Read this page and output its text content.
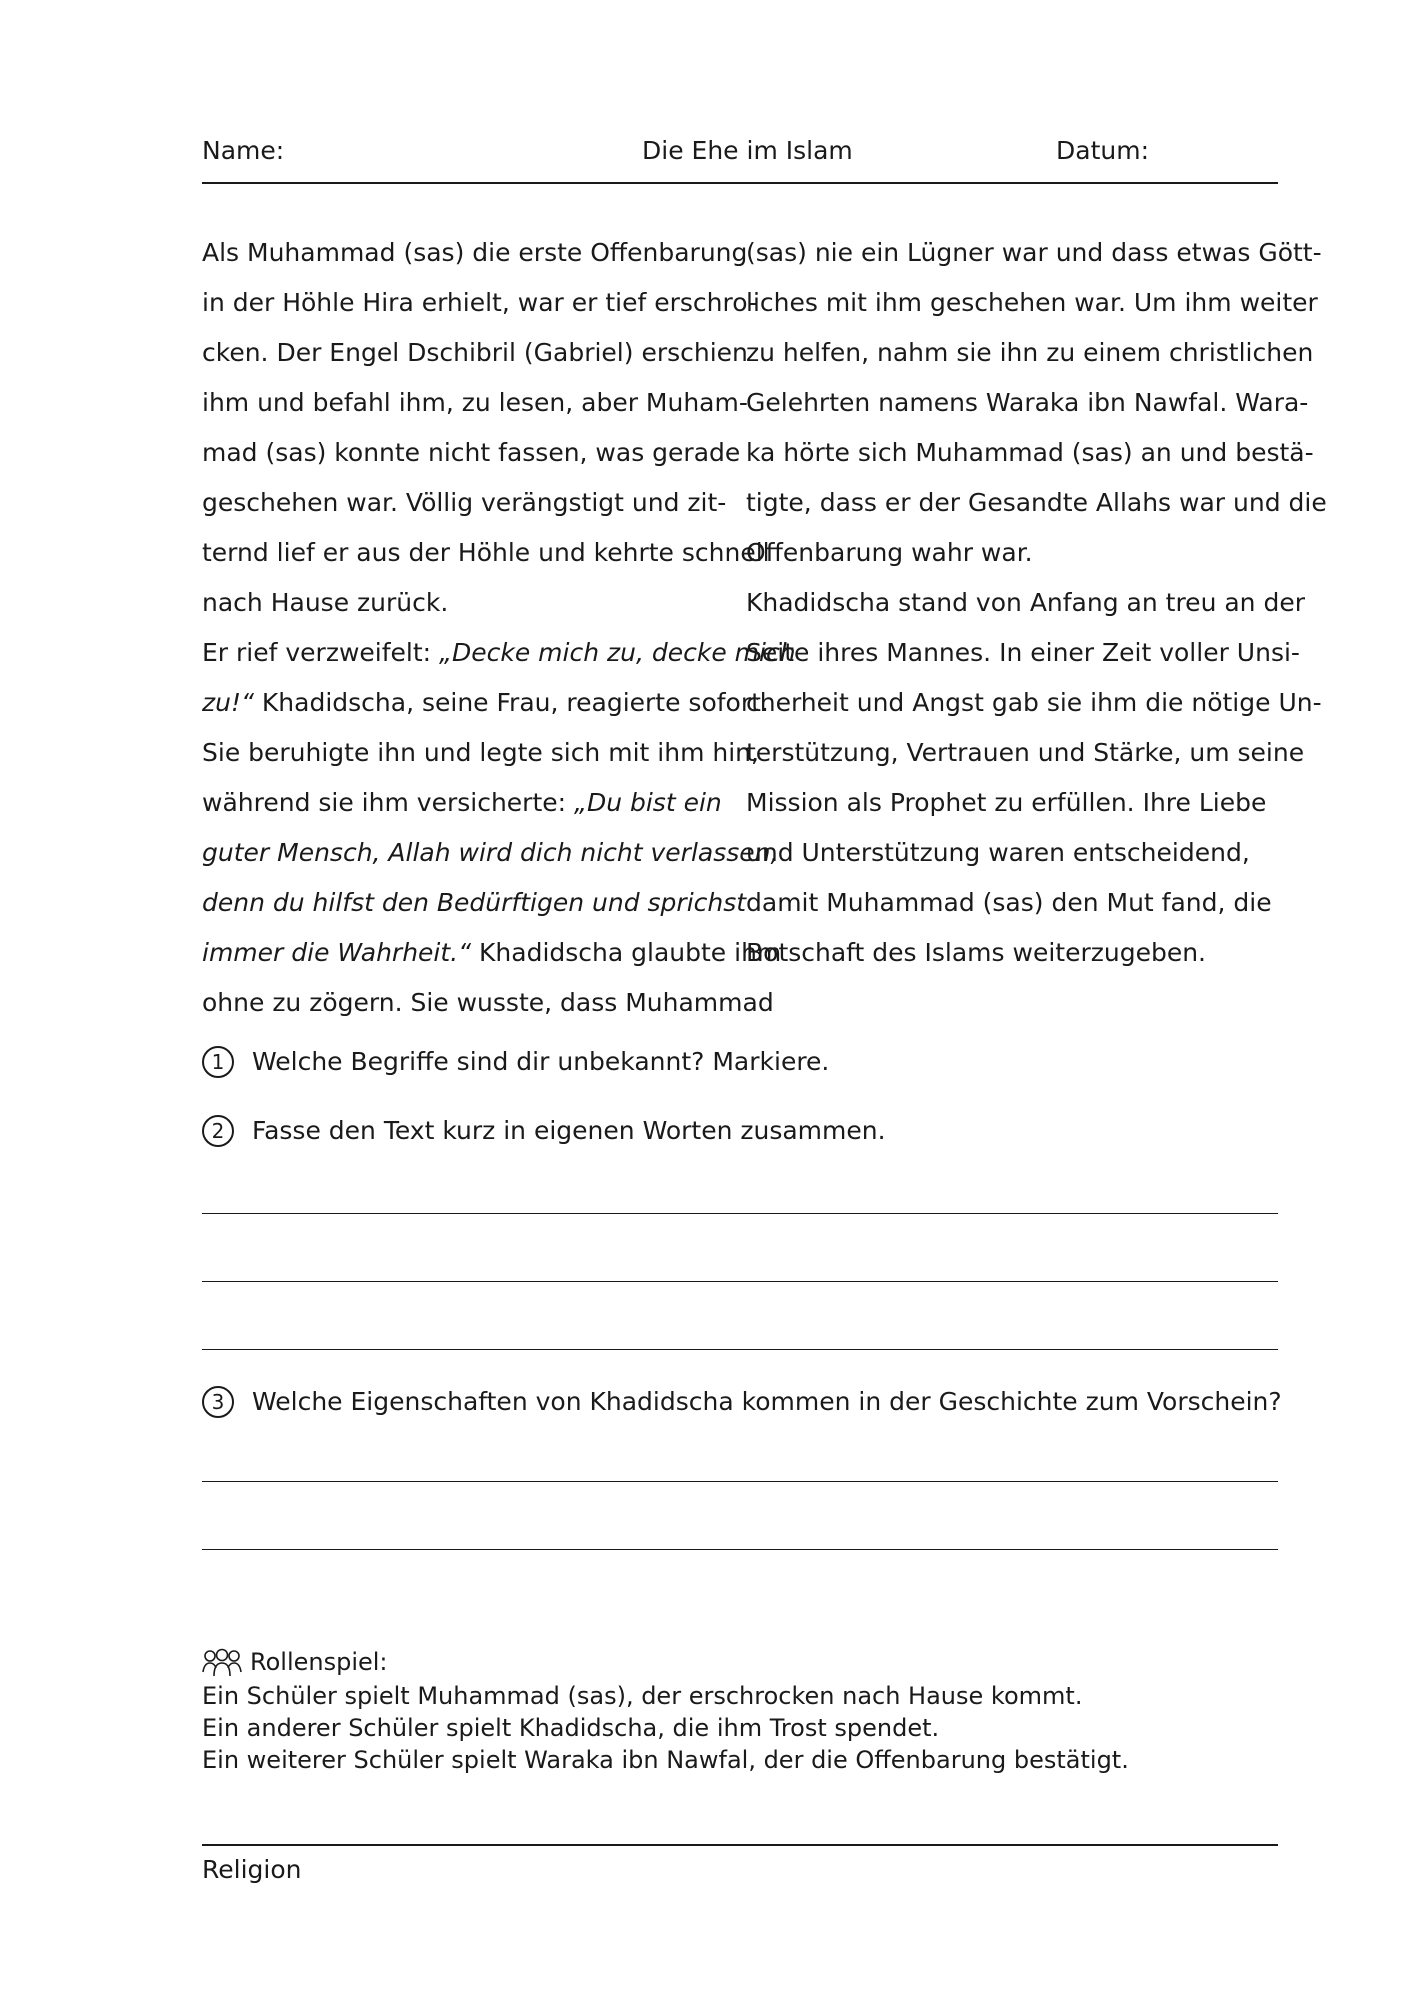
Name:	Die Ehe im Islam	Datum:
Als Muhammad (sas) die erste Offenbarung
in der Höhle Hira erhielt, war er tief erschro-
cken. Der Engel Dschibril (Gabriel) erschien
ihm und befahl ihm, zu lesen, aber Muham-
mad (sas) konnte nicht fassen, was gerade
geschehen war. Völlig verängstigt und zit-
ternd lief er aus der Höhle und kehrte schnell
nach Hause zurück.
Er rief verzweifelt: „Decke mich zu, decke mich
zu!“ Khadidscha, seine Frau, reagierte sofort.
Sie beruhigte ihn und legte sich mit ihm hin,
während sie ihm versicherte: „Du bist ein
guter Mensch, Allah wird dich nicht verlassen,
denn du hilfst den Bedürftigen und sprichst
immer die Wahrheit.“ Khadidscha glaubte ihm
ohne zu zögern. Sie wusste, dass Muhammad
(sas) nie ein Lügner war und dass etwas Gött-
liches mit ihm geschehen war. Um ihm weiter
zu helfen, nahm sie ihn zu einem christlichen
Gelehrten namens Waraka ibn Nawfal. Wara-
ka hörte sich Muhammad (sas) an und bestä-
tigte, dass er der Gesandte Allahs war und die
Offenbarung wahr war.
Khadidscha stand von Anfang an treu an der
Seite ihres Mannes. In einer Zeit voller Unsi-
cherheit und Angst gab sie ihm die nötige Un-
terstützung, Vertrauen und Stärke, um seine
Mission als Prophet zu erfüllen. Ihre Liebe
und Unterstützung waren entscheidend,
damit Muhammad (sas) den Mut fand, die
Botschaft des Islams weiterzugeben.
1	Welche Begriffe sind dir unbekannt? Markiere.
2	Fasse den Text kurz in eigenen Worten zusammen.
3	Welche Eigenschaften von Khadidscha kommen in der Geschichte zum Vorschein?
Rollenspiel:
Ein Schüler spielt Muhammad (sas), der erschrocken nach Hause kommt.
Ein anderer Schüler spielt Khadidscha, die ihm Trost spendet.
Ein weiterer Schüler spielt Waraka ibn Nawfal, der die Offenbarung bestätigt.
Religion
